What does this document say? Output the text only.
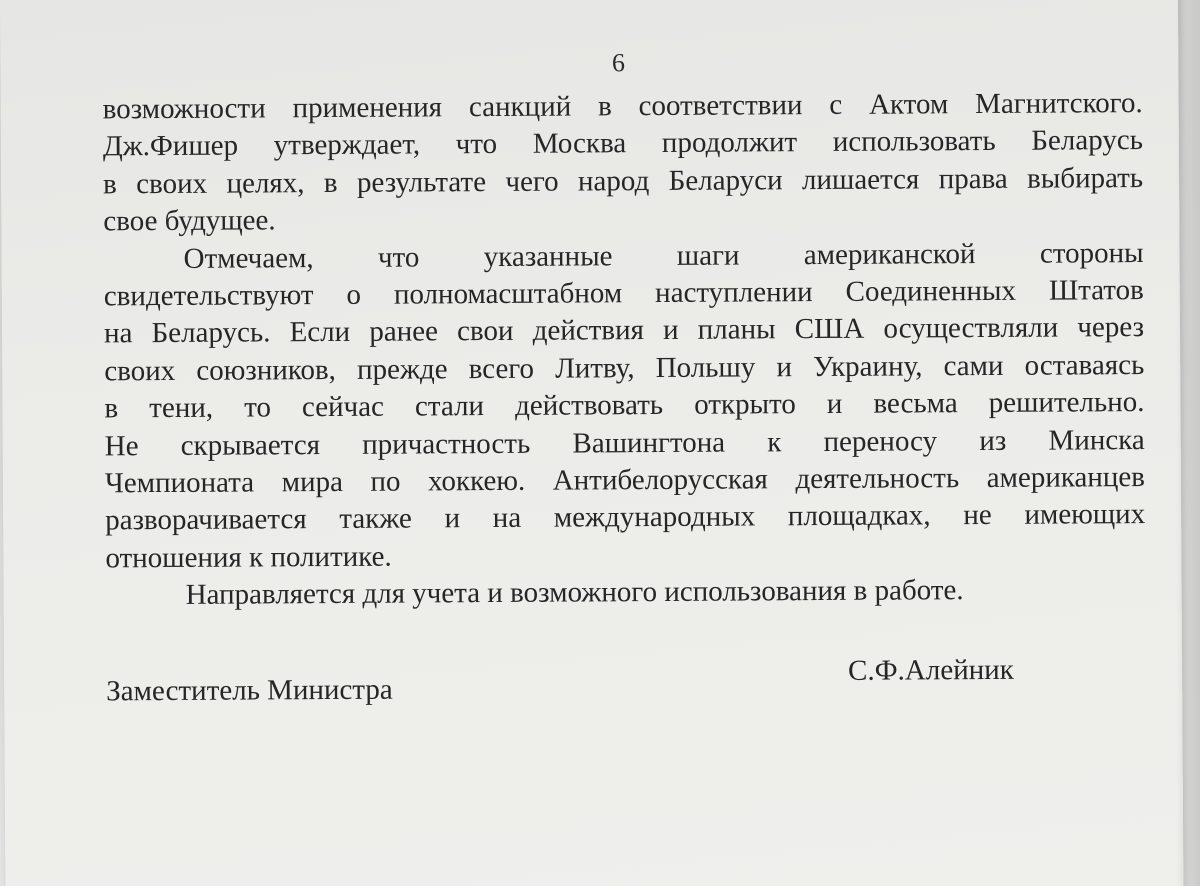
6

возможности применения санкций в соответствии с Актом Магнитского.
Дж.Фишер утверждает, что Москва продолжит использовать Беларусь
в своих целях, в результате чего народ Беларуси лишается права выбирать
свое будущее.

Отмечаем, что указанные шаги американской стороны
свидетельствуют о полномасштабном наступлении Соединенных Штатов
на Беларусь. Если ранее свои действия и планы США осуществляли через
своих союзников, прежде всего Литву, Польшу и Украину, сами оставаясь
в тени, то сейчас стали действовать открыто и весьма решительно.
Не скрывается причастность Вашингтона к переносу из Минска
Чемпионата мира по хоккею. Антибелорусская деятельность американцев
разворачивается также и на международных площадках, не имеющих
отношения к политике.

Направляется для учета и возможного использования в работе.

Заместитель Министра
С.Ф.Алейник
